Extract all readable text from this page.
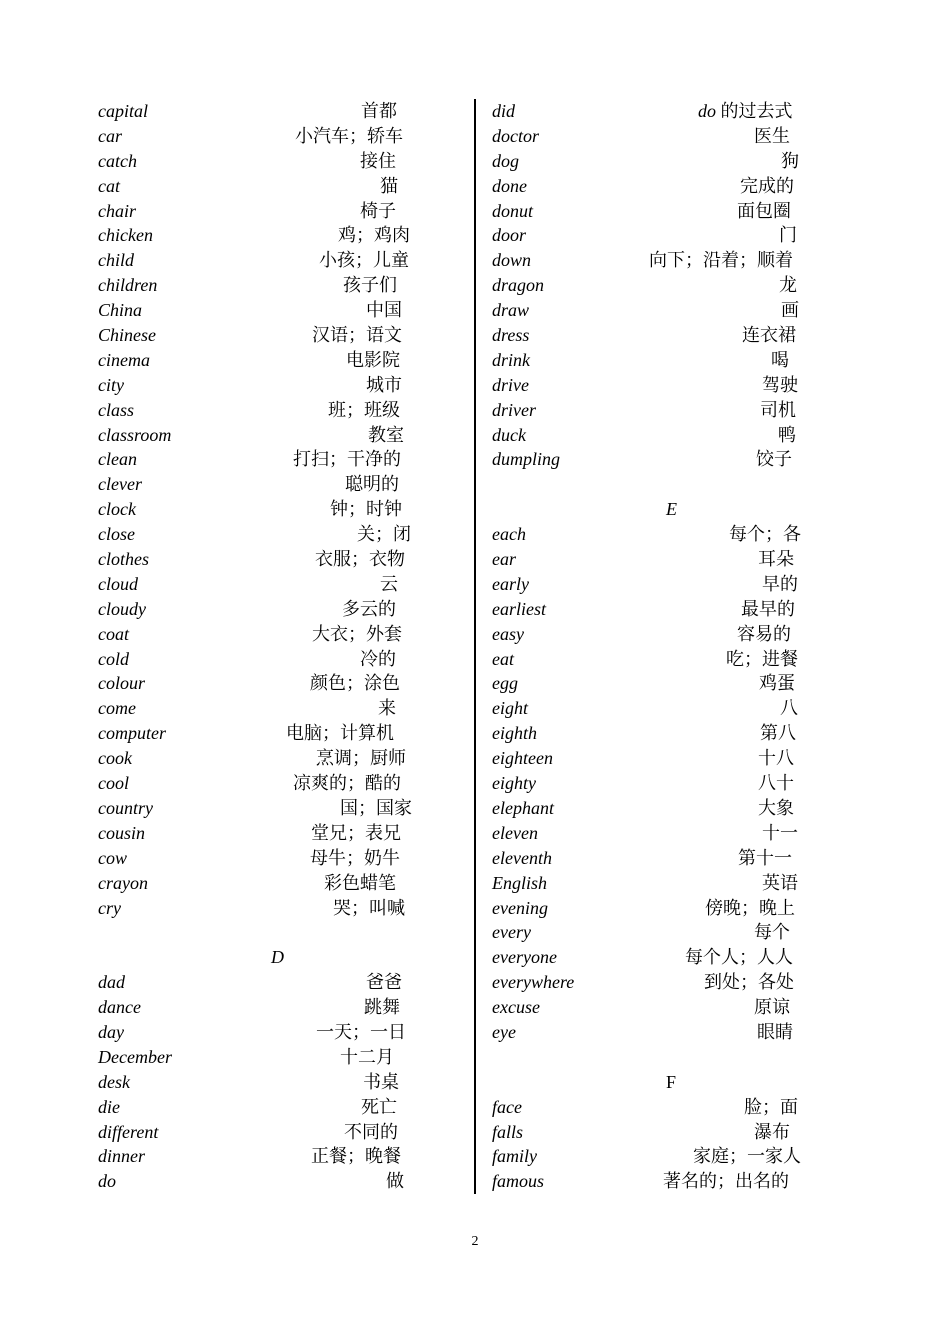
capital	首都
car	小汽车；轿车
catch	接住
cat	猫
chair	椅子
chicken	鸡；鸡肉
child	小孩；儿童
children	孩子们
China	中国
Chinese	汉语；语文
cinema	电影院
city	城市
class	班；班级
classroom	教室
clean	打扫；干净的
clever	聪明的
clock	钟；时钟
close	关；闭
clothes	衣服；衣物
cloud	云
cloudy	多云的
coat	大衣；外套
cold	冷的
colour	颜色；涂色
come	来
computer	电脑；计算机
cook	烹调；厨师
cool	凉爽的；酷的
country	国；国家
cousin	堂兄；表兄
cow	母牛；奶牛
crayon	彩色蜡笔
cry	哭；叫喊
D
dad	爸爸
dance	跳舞
day	一天；一日
December	十二月
desk	书桌
die	死亡
different	不同的
dinner	正餐；晚餐
do	做
did	do 的过去式
doctor	医生
dog	狗
done	完成的
donut	面包圈
door	门
down	向下；沿着；顺着
dragon	龙
draw	画
dress	连衣裙
drink	喝
drive	驾驶
driver	司机
duck	鸭
dumpling	饺子
E
each	每个；各
ear	耳朵
early	早的
earliest	最早的
easy	容易的
eat	吃；进餐
egg	鸡蛋
eight	八
eighth	第八
eighteen	十八
eighty	八十
elephant	大象
eleven	十一
eleventh	第十一
English	英语
evening	傍晚；晚上
every	每个
everyone	每个人；人人
everywhere	到处；各处
excuse	原谅
eye	眼睛
F
face	脸；面
falls	瀑布
family	家庭；一家人
famous	著名的；出名的
2
